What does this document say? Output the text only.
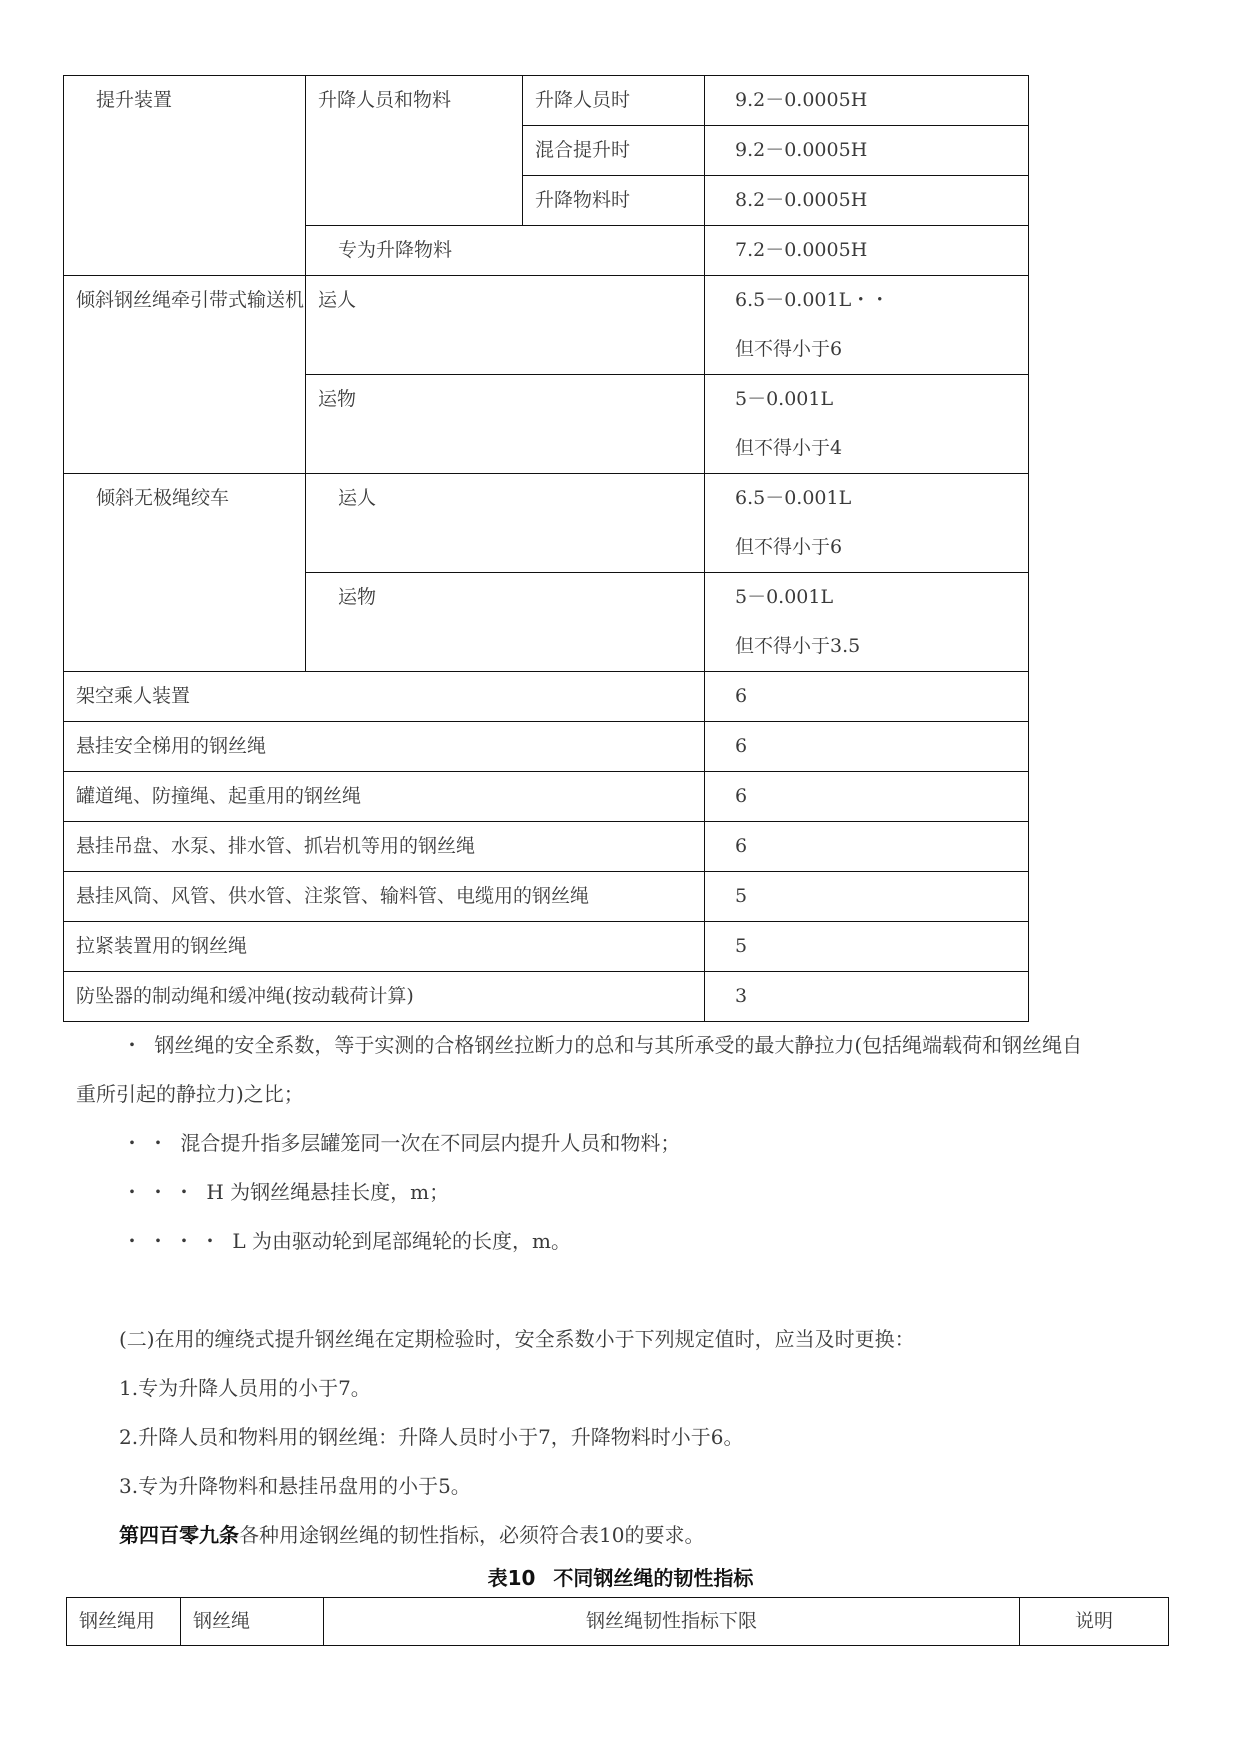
提升装置	升降人员和物料	升降人员时	9.2－0.0005H
		混合提升时	9.2－0.0005H
		升降物料时	8.2－0.0005H
	专为升降物料		7.2－0.0005H
倾斜钢丝绳牵引带式输送机	运人		6.5－0.001L・・
但不得小于6

	运物		5－0.001L
但不得小于4

倾斜无极绳绞车	运人		6.5－0.001L
但不得小于6

	运物		5－0.001L
但不得小于3.5

架空乘人装置			6
悬挂安全梯用的钢丝绳			6
罐道绳、防撞绳、起重用的钢丝绳			6
悬挂吊盘、水泵、排水管、抓岩机等用的钢丝绳			6
悬挂风筒、风管、供水管、注浆管、输料管、电缆用的钢丝绳			5
拉紧装置用的钢丝绳			5
防坠器的制动绳和缓冲绳(按动载荷计算)			3
・ 钢丝绳的安全系数，等于实测的合格钢丝拉断力的总和与其所承受的最大静拉力(包括绳端载荷和钢丝绳自
重所引起的静拉力)之比；
・・ 混合提升指多层罐笼同一次在不同层内提升人员和物料；
・・・ H 为钢丝绳悬挂长度，m；
・・・・ L 为由驱动轮到尾部绳轮的长度，m。
(二)在用的缠绕式提升钢丝绳在定期检验时，安全系数小于下列规定值时，应当及时更换：
1.专为升降人员用的小于7。
2.升降人员和物料用的钢丝绳：升降人员时小于7，升降物料时小于6。
3.专为升降物料和悬挂吊盘用的小于5。
第四百零九条各种用途钢丝绳的韧性指标，必须符合表10的要求。
表10 不同钢丝绳的韧性指标
钢丝绳用	钢丝绳	钢丝绳韧性指标下限	说明
